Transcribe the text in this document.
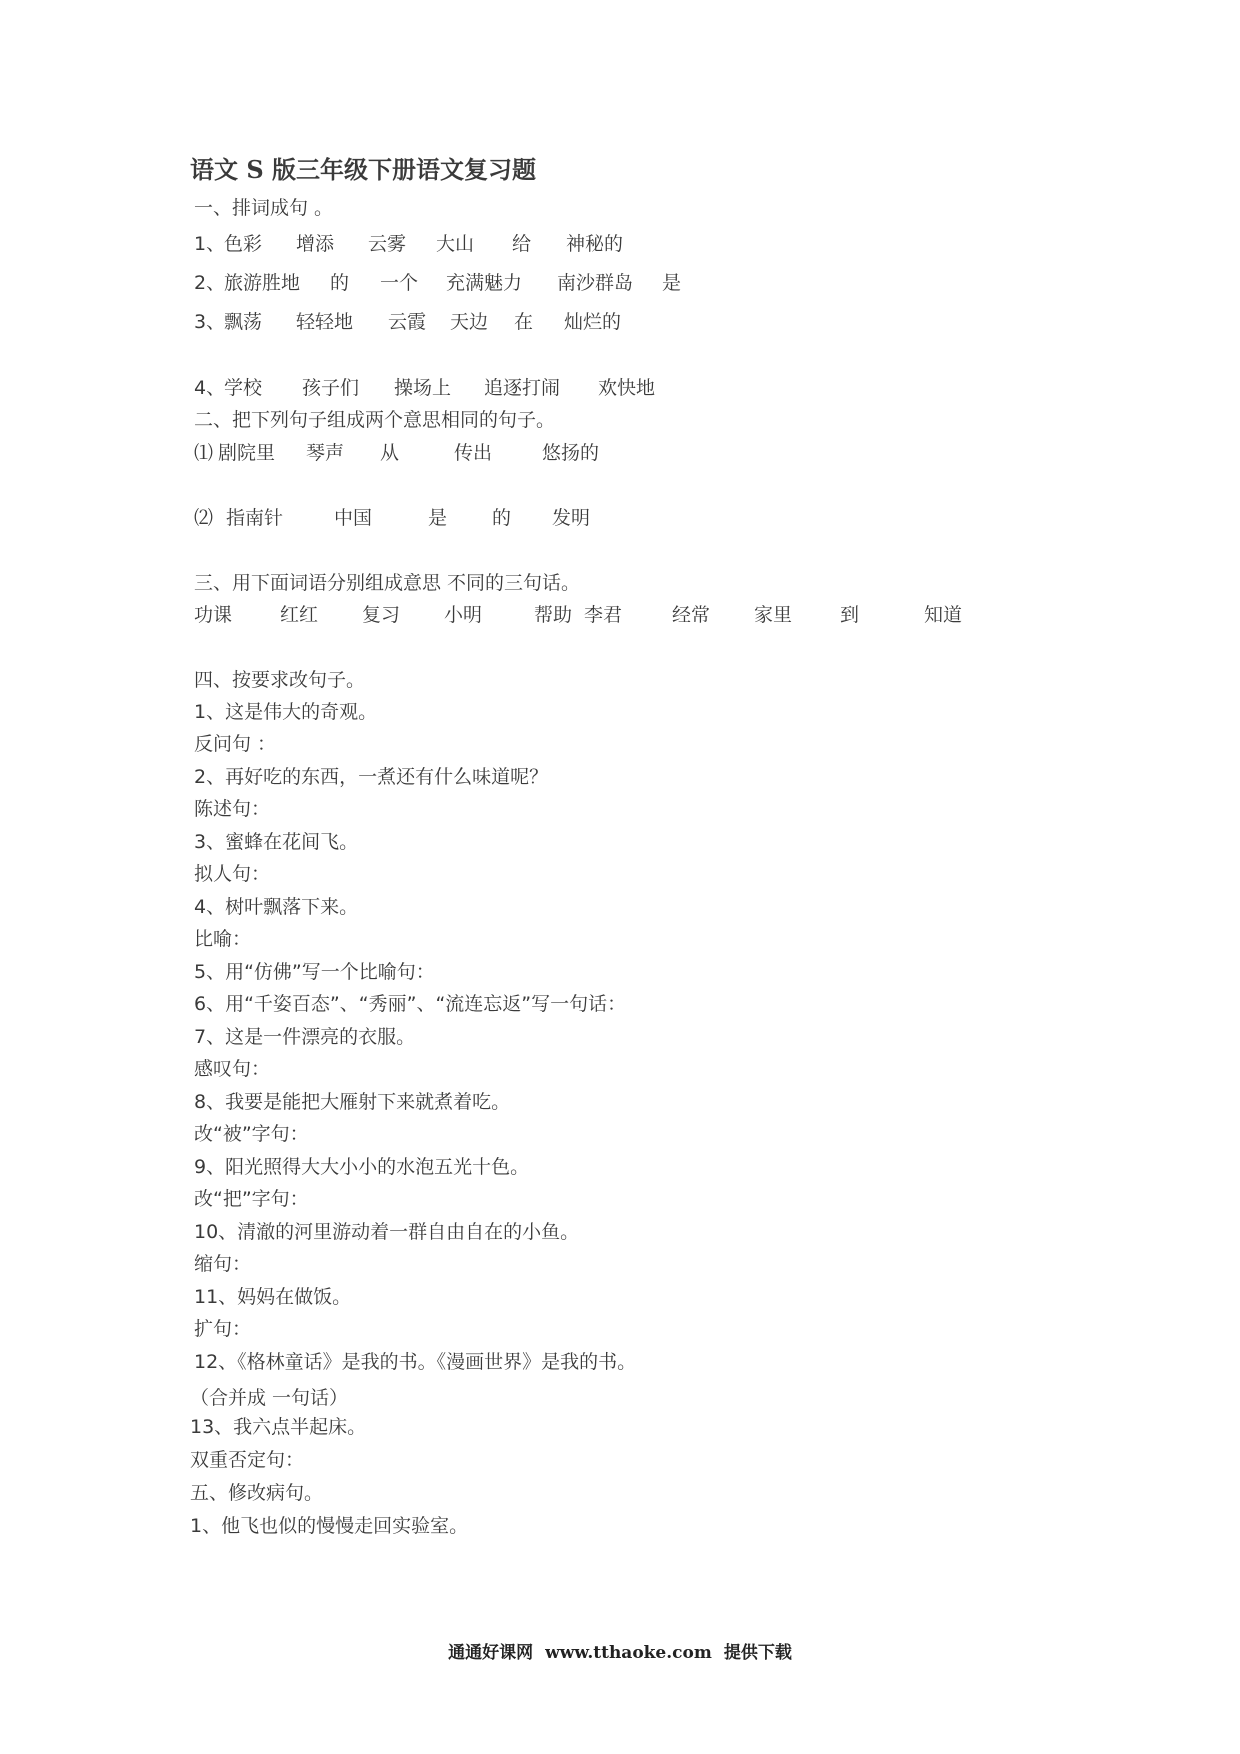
语文 S 版三年级下册语文复习题

一、排词成句 。

1、
色彩 增添 云雾 大山 给 神秘的
2、
旅游胜地 的 一个 充满魅力 南沙群岛 是
3、
飘荡 轻轻地 云霞 天边 在 灿烂的
4、
学校 孩子们 操场上 追逐打闹 欢快地

二、把下列句子组成两个意思相同的句子。

⑴ 剧院里 琴声 从	传出	悠扬的
⑵ 指南针	中国	是 的 发明

三、用下面词语分别组成意思 不同的三句话。

功课	红红 复习 小明	帮助 李君	经常 家里	到	知道

四、按要求改句子。

1、这是伟大的奇观。

反问句 ：

2、再好吃的东西，一煮还有什么味道呢？

陈述句：

3、蜜蜂在花间飞。

拟人句：

4、树叶飘落下来。

比喻：

5、用“仿佛”写一个比喻句：

6、用“千姿百态”、“秀丽”、“流连忘返”写一句话：

7、这是一件漂亮的衣服。

感叹句：

8、我要是能把大雁射下来就煮着吃。

改“被”字句：

9、阳光照得大大小小的水泡五光十色。

改“把”字句：

10、清澈的河里游动着一群自由自在的小鱼。

缩句：

11、妈妈在做饭。

扩句：

12、《格林童话》是我的书。《漫画世界》是我的书。

（合并成 一句话）

13、我六点半起床。

双重否定句：

五、修改病句。

1、他飞也似的慢慢走回实验室。

通通好课网 www.tthaoke.com 提供下载
